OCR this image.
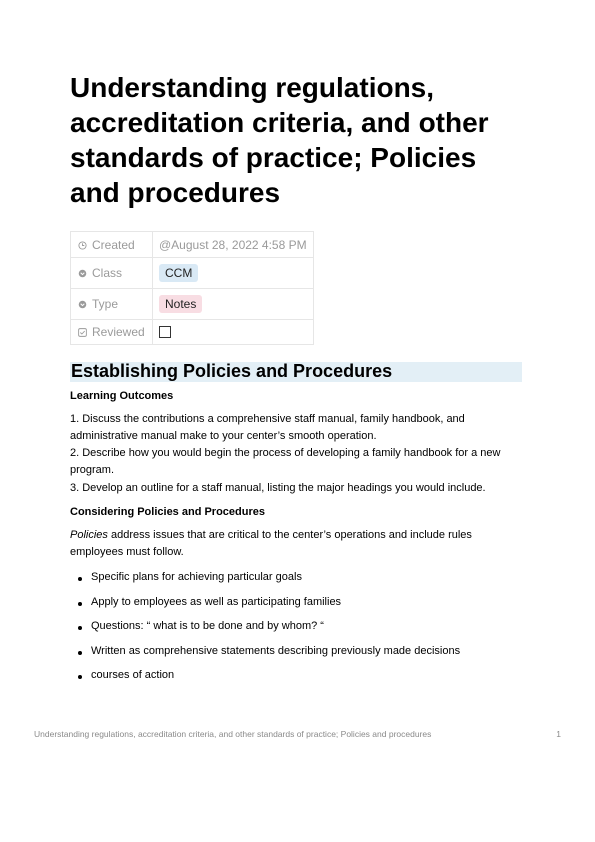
Understanding regulations, accreditation criteria, and other standards of practice; Policies and procedures
Created	@August 28, 2022 4:58 PM
Class	CCM
Type	Notes
Reviewed	
Establishing Policies and Procedures

Learning Outcomes

1. Discuss the contributions a comprehensive staff manual, family handbook, and administrative manual make to your center’s smooth operation.

2. Describe how you would begin the process of developing a family handbook for a new program.

3. Develop an outline for a staff manual, listing the major headings you would include.

Considering Policies and Procedures

Policies address issues that are critical to the center’s operations and include rules employees must follow.

Specific plans for achieving particular goals
Apply to employees as well as participating families
Questions: “ what is to be done and by whom? “
Written as comprehensive statements describing previously made decisions
courses of action
Understanding regulations, accreditation criteria, and other standards of practice; Policies and procedures	1
